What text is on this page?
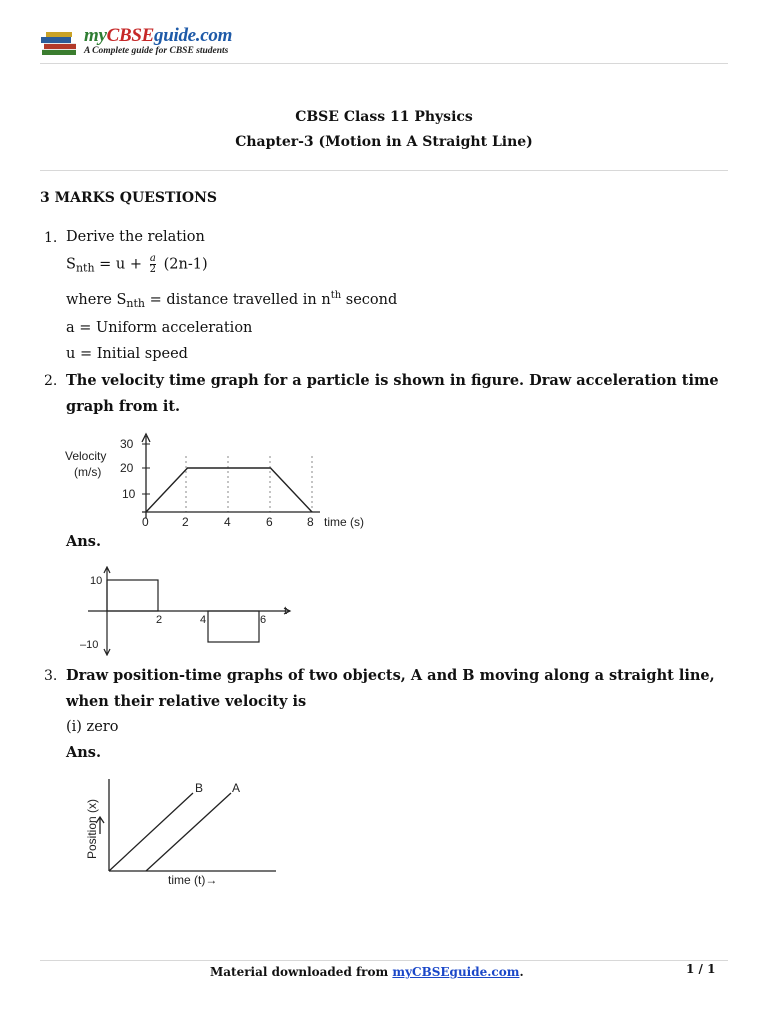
myCBSEguide.com
A Complete guide for CBSE students
CBSE Class 11 Physics
Chapter-3 (Motion in A Straight Line)
3 MARKS QUESTIONS
1. Derive the relation
$S_{nth} = u + \frac{a}{2} (2n-1)$
where $S_{nth}$ = distance travelled in $n^{th}$ second
a = Uniform acceleration
u = Initial speed
2. The velocity time graph for a particle is shown in figure. Draw acceleration time
graph from it.
Velocity
(m/s)
30
20
10
0	2	4	6	8 time (s)
Ans.
10
–10
2	4	6
t
3. Draw position-time graphs of two objects, A and B moving along a straight line,
when their relative velocity is
(i) zero
Ans.
B A
Position (x)
time (t)→
Material downloaded from myCBSEguide.com.	1 / 1
